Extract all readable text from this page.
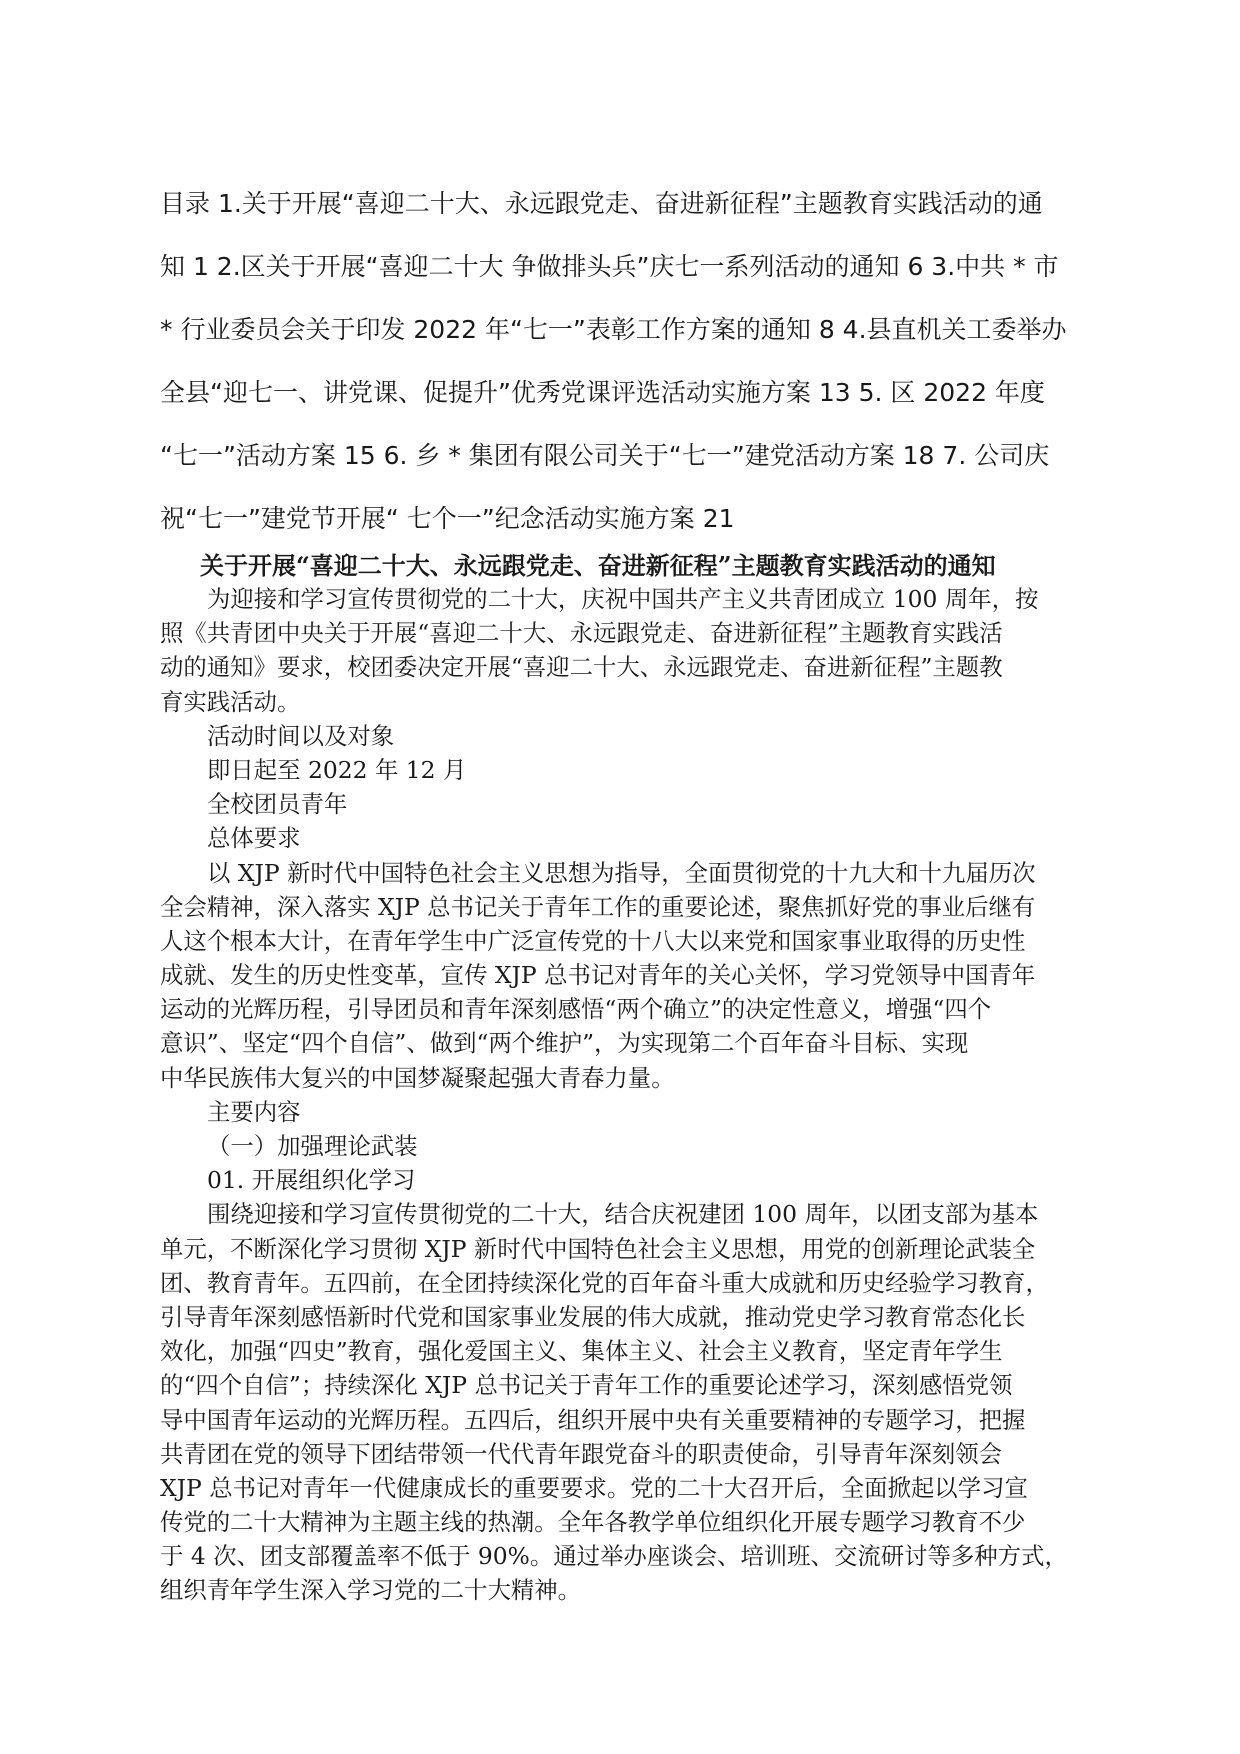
目录 1.关于开展“喜迎二十大、永远跟党走、奋进新征程”主题教育实践活动的通
知 1 2.区关于开展“喜迎二十大 争做排头兵”庆七一系列活动的通知 6 3.中共 * 市
* 行业委员会关于印发 2022 年“七一”表彰工作方案的通知 8 4.县直机关工委举办
全县“迎七一、讲党课、促提升”优秀党课评选活动实施方案 13 5. 区 2022 年度
“七一”活动方案 15 6. 乡 * 集团有限公司关于“七一”建党活动方案 18 7. 公司庆
祝“七一”建党节开展“ 七个一”纪念活动实施方案 21
关于开展“喜迎二十大、永远跟党走、奋进新征程”主题教育实践活动的通知
为迎接和学习宣传贯彻党的二十大，庆祝中国共产主义共青团成立 100 周年，按
照《共青团中央关于开展“喜迎二十大、永远跟党走、奋进新征程”主题教育实践活
动的通知》要求，校团委决定开展“喜迎二十大、永远跟党走、奋进新征程”主题教
育实践活动。
活动时间以及对象
即日起至 2022 年 12 月
全校团员青年
总体要求
以 XJP 新时代中国特色社会主义思想为指导，全面贯彻党的十九大和十九届历次
全会精神，深入落实 XJP 总书记关于青年工作的重要论述，聚焦抓好党的事业后继有
人这个根本大计，在青年学生中广泛宣传党的十八大以来党和国家事业取得的历史性
成就、发生的历史性变革，宣传 XJP 总书记对青年的关心关怀，学习党领导中国青年
运动的光辉历程，引导团员和青年深刻感悟“两个确立”的决定性意义，增强“四个
意识”、坚定“四个自信”、做到“两个维护”，为实现第二个百年奋斗目标、实现
中华民族伟大复兴的中国梦凝聚起强大青春力量。
主要内容
（一）加强理论武装
01. 开展组织化学习
围绕迎接和学习宣传贯彻党的二十大，结合庆祝建团 100 周年，以团支部为基本
单元，不断深化学习贯彻 XJP 新时代中国特色社会主义思想，用党的创新理论武装全
团、教育青年。五四前，在全团持续深化党的百年奋斗重大成就和历史经验学习教育，
引导青年深刻感悟新时代党和国家事业发展的伟大成就，推动党史学习教育常态化长
效化，加强“四史”教育，强化爱国主义、集体主义、社会主义教育，坚定青年学生
的“四个自信”；持续深化 XJP 总书记关于青年工作的重要论述学习，深刻感悟党领
导中国青年运动的光辉历程。五四后，组织开展中央有关重要精神的专题学习，把握
共青团在党的领导下团结带领一代代青年跟党奋斗的职责使命，引导青年深刻领会
XJP 总书记对青年一代健康成长的重要要求。党的二十大召开后，全面掀起以学习宣
传党的二十大精神为主题主线的热潮。全年各教学单位组织化开展专题学习教育不少
于 4 次、团支部覆盖率不低于 90%。通过举办座谈会、培训班、交流研讨等多种方式，
组织青年学生深入学习党的二十大精神。
